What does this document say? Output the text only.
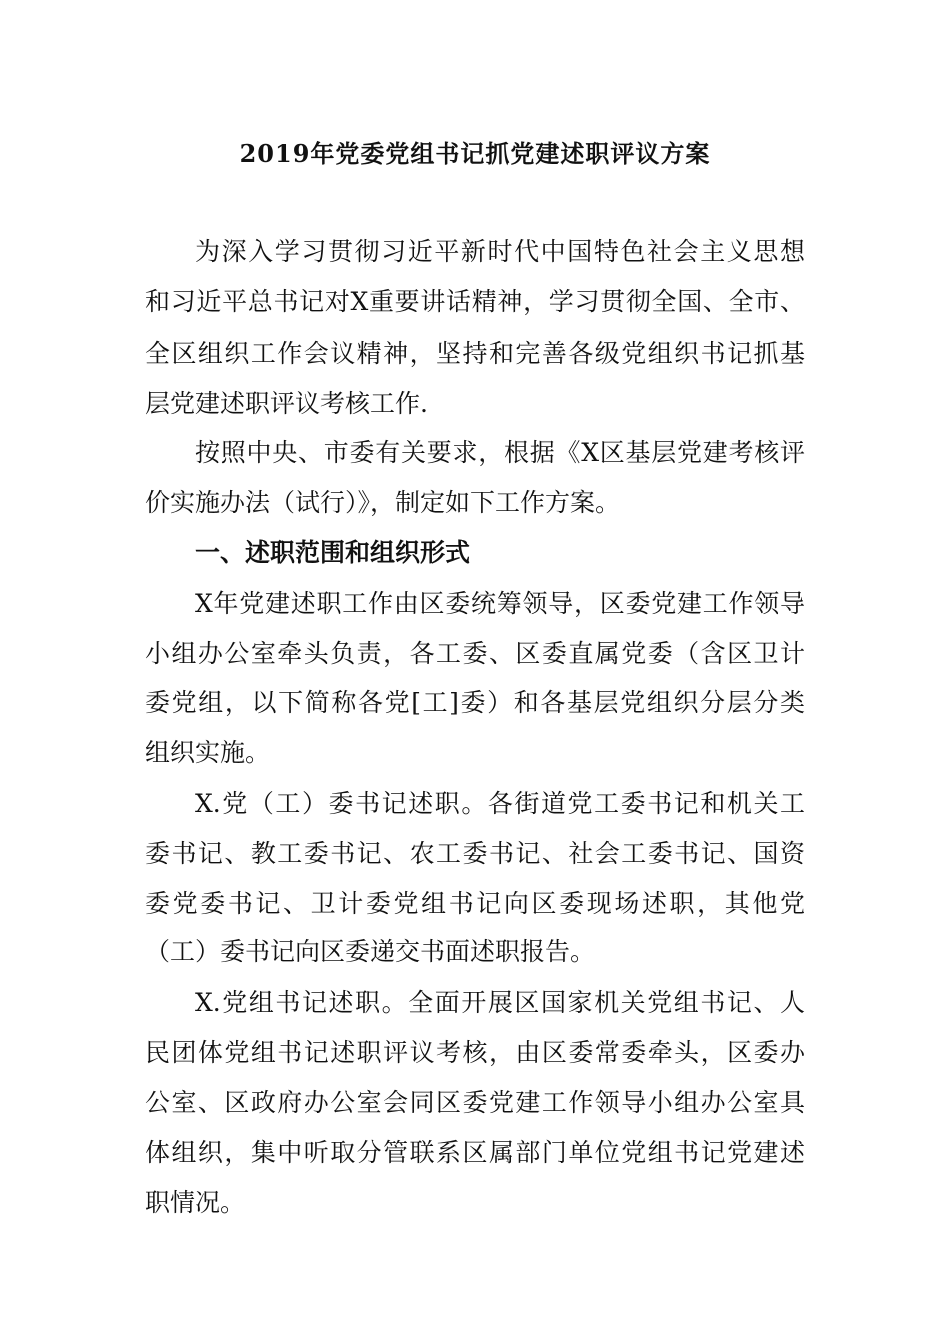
2019年党委党组书记抓党建述职评议方案
为深入学习贯彻习近平新时代中国特色社会主义思想
和习近平总书记对X重要讲话精神，学习贯彻全国、全市、
全区组织工作会议精神，坚持和完善各级党组织书记抓基
层党建述职评议考核工作.
按照中央、市委有关要求，根据《X区基层党建考核评
价实施办法（试行）》，制定如下工作方案。
一、述职范围和组织形式
X年党建述职工作由区委统筹领导，区委党建工作领导
小组办公室牵头负责，各工委、区委直属党委（含区卫计
委党组，以下简称各党[工]委）和各基层党组织分层分类
组织实施。
X.党（工）委书记述职。各街道党工委书记和机关工
委书记、教工委书记、农工委书记、社会工委书记、国资
委党委书记、卫计委党组书记向区委现场述职，其他党
（工）委书记向区委递交书面述职报告。
X.党组书记述职。全面开展区国家机关党组书记、人
民团体党组书记述职评议考核，由区委常委牵头，区委办
公室、区政府办公室会同区委党建工作领导小组办公室具
体组织，集中听取分管联系区属部门单位党组书记党建述
职情况。
